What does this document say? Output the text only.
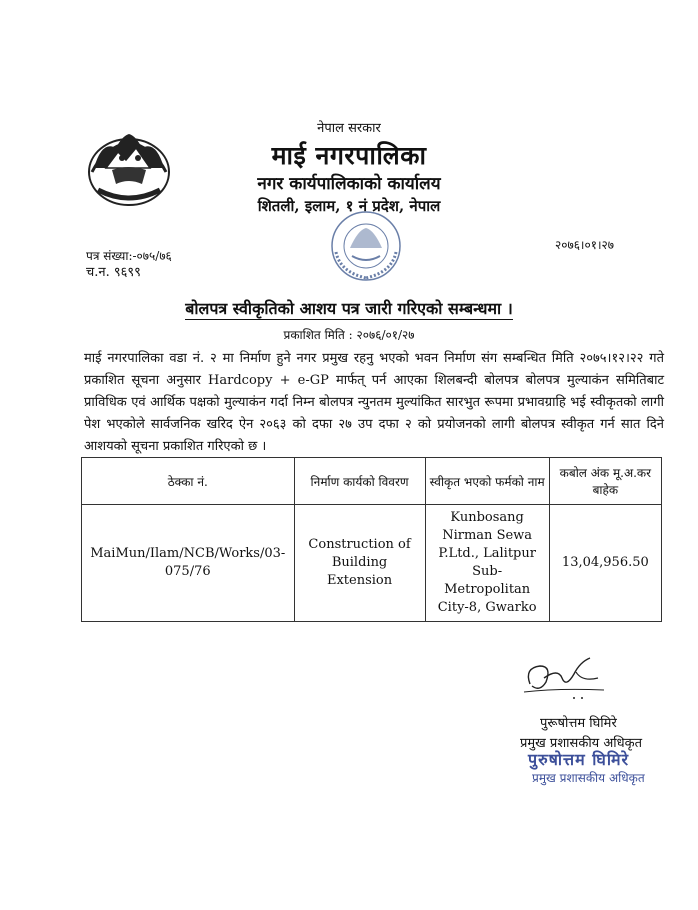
नेपाल सरकार
माई नगरपालिका
नगर कार्यपालिकाको कार्यालय
शितली, इलाम, १ नं प्रदेश, नेपाल
पत्र संख्या:-०७५/७६
च.न. ९६९९
२०७६।०१।२७
बोलपत्र स्वीकृतिको आशय पत्र जारी गरिएको सम्बन्धमा ।
प्रकाशित मिति : २०७६/०१/२७
माई नगरपालिका वडा नं. २ मा निर्माण हुने नगर प्रमुख रहनु भएको भवन निर्माण संग सम्बन्धित मिति २०७५।१२।२२ गते प्रकाशित सूचना अनुसार Hardcopy + e-GP मार्फत् पर्न आएका शिलबन्दी बोलपत्र बोलपत्र मुल्याकंन समितिबाट प्राविधिक एवं आर्थिक पक्षको मुल्याकंन गर्दा निम्न बोलपत्र न्युनतम मुल्यांकित सारभुत रूपमा प्रभावग्राहि भई स्वीकृतको लागी पेश भएकोले सार्वजनिक खरिद ऐन २०६३ को दफा २७ उप दफा २ को प्रयोजनको लागी बोलपत्र स्वीकृत गर्न सात दिने आशयको सूचना प्रकाशित गरिएको छ ।
ठेक्का नं.	निर्माण कार्यको विवरण	स्वीकृत भएको फर्मको नाम	कबोल अंक मू.अ.कर बाहेक
MaiMun/Ilam/NCB/Works/03-075/76	Construction of Building Extension	Kunbosang Nirman Sewa P.Ltd., Lalitpur Sub-Metropolitan City-8, Gwarko	13,04,956.50
पुरूषोत्तम घिमिरे
प्रमुख प्रशासकीय अधिकृत
पुरुषोत्तम घिमिरे
प्रमुख प्रशासकीय अधिकृत
